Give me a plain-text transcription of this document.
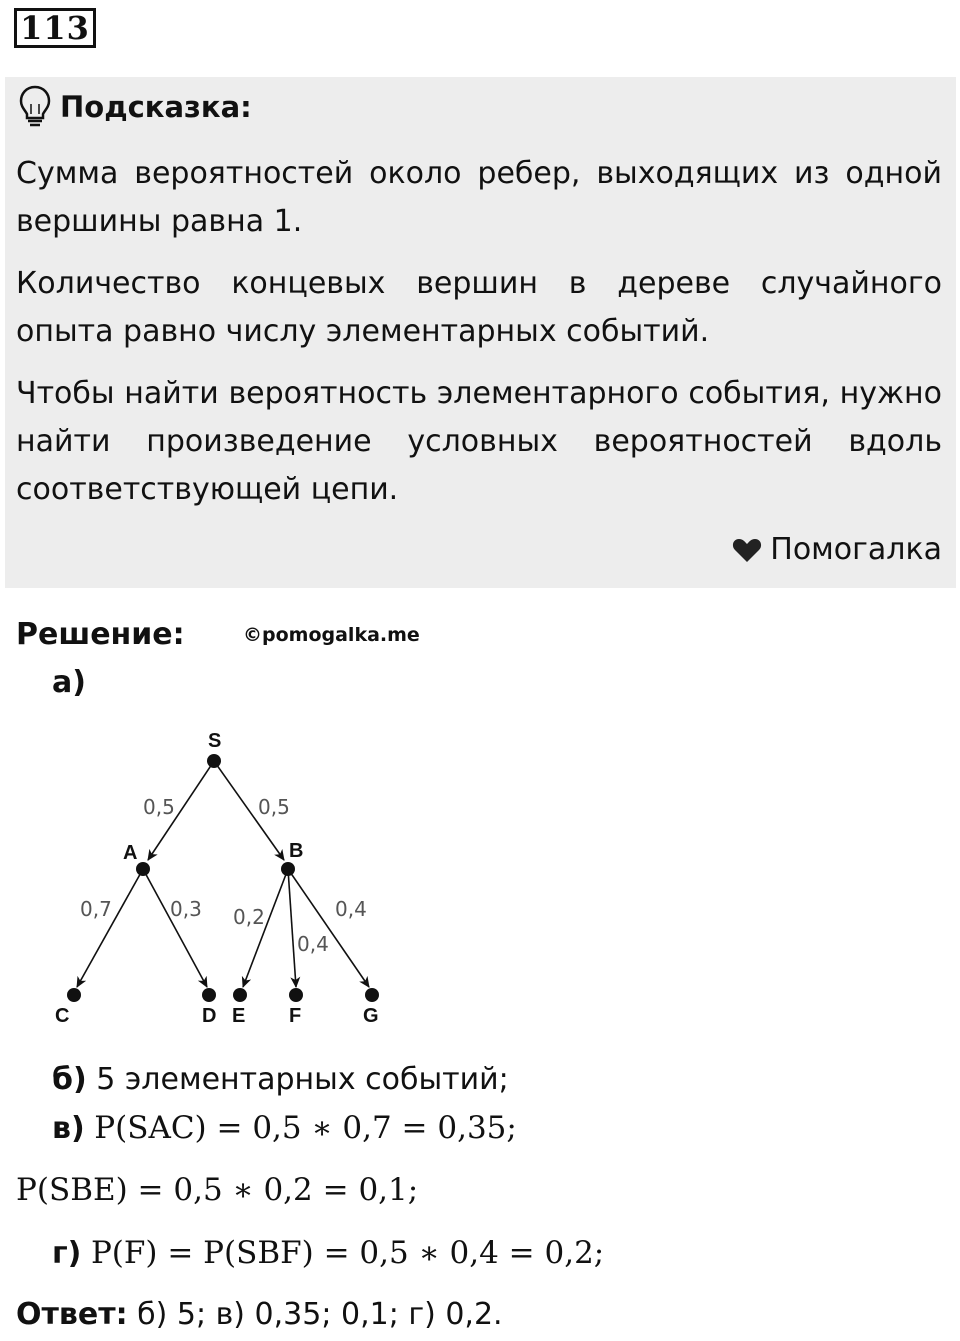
113
Подсказка:

Сумма вероятностей около ребер, выходящих из одной вершины равна 1.

Количество концевых вершин в дереве случайного опыта равно числу элементарных событий.

Чтобы найти вероятность элементарного события, нужно найти произведение условных вероятностей вдоль соответствующей цепи.

Помогалка
Решение:	©pomogalka.me
а)
S
A	B
C	D E F	G
0,5	0,5
0,7	0,3 0,2
0,4
0,4
б) 5 элементарных событий;
в) P(SAC) = 0,5 ∗ 0,7 = 0,35;
P(SBE) = 0,5 ∗ 0,2 = 0,1;
г) P(F) = P(SBF) = 0,5 ∗ 0,4 = 0,2;
Ответ: б) 5; в) 0,35; 0,1; г) 0,2.
